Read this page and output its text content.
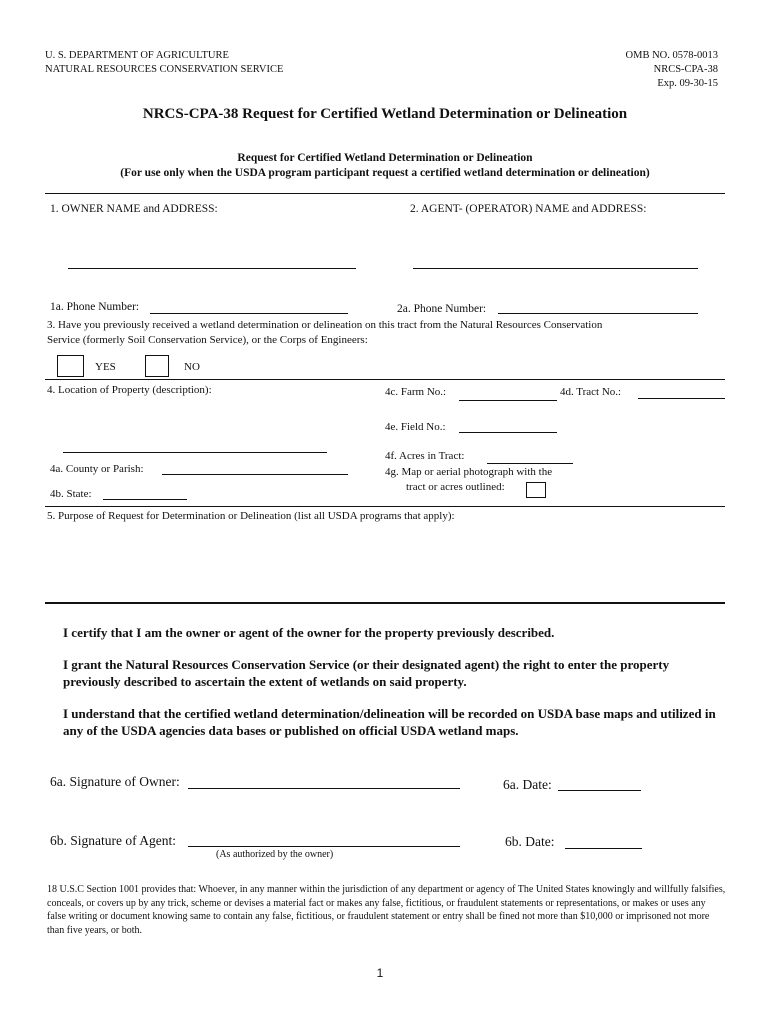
U. S. DEPARTMENT OF AGRICULTURE
NATURAL RESOURCES CONSERVATION SERVICE
OMB NO. 0578-0013
NRCS-CPA-38
Exp. 09-30-15
NRCS-CPA-38 Request for Certified Wetland Determination or Delineation
Request for Certified Wetland Determination or Delineation
(For use only when the USDA program participant request a certified wetland determination or delineation)
1. OWNER NAME and ADDRESS:	2. AGENT- (OPERATOR) NAME and ADDRESS:
1a. Phone Number:	2a. Phone Number:
3. Have you previously received a wetland determination or delineation on this tract from the Natural Resources Conservation
Service (formerly Soil Conservation Service), or the Corps of Engineers:
YES	NO
4. Location of Property (description):	4c. Farm No.:	4d. Tract No.:
4e. Field No.:
4a. County or Parish:
4b. State:
4f. Acres in Tract:
4g. Map or aerial photograph with the
tract or acres outlined:
5. Purpose of Request for Determination or Delineation (list all USDA programs that apply):
I certify that I am the owner or agent of the owner for the property previously described.
I grant the Natural Resources Conservation Service (or their designated agent) the right to enter the property previously described to ascertain the extent of wetlands on said property.
I understand that the certified wetland determination/delineation will be recorded on USDA base maps and utilized in any of the USDA agencies data bases or published on official USDA wetland maps.
6a. Signature of Owner:	6a. Date:
6b. Signature of Agent:	6b. Date:
(As authorized by the owner)
18 U.S.C Section 1001 provides that: Whoever, in any manner within the jurisdiction of any department or agency of The United States knowingly and willfully falsifies, conceals, or covers up by any trick, scheme or devises a material fact or makes any false, fictitious, or fraudulent statements or representations, or makes or uses any false writing or document knowing same to contain any false, fictitious, or fraudulent statement or entry shall be fined not more than $10,000 or imprisoned not more than five years, or both.
1
